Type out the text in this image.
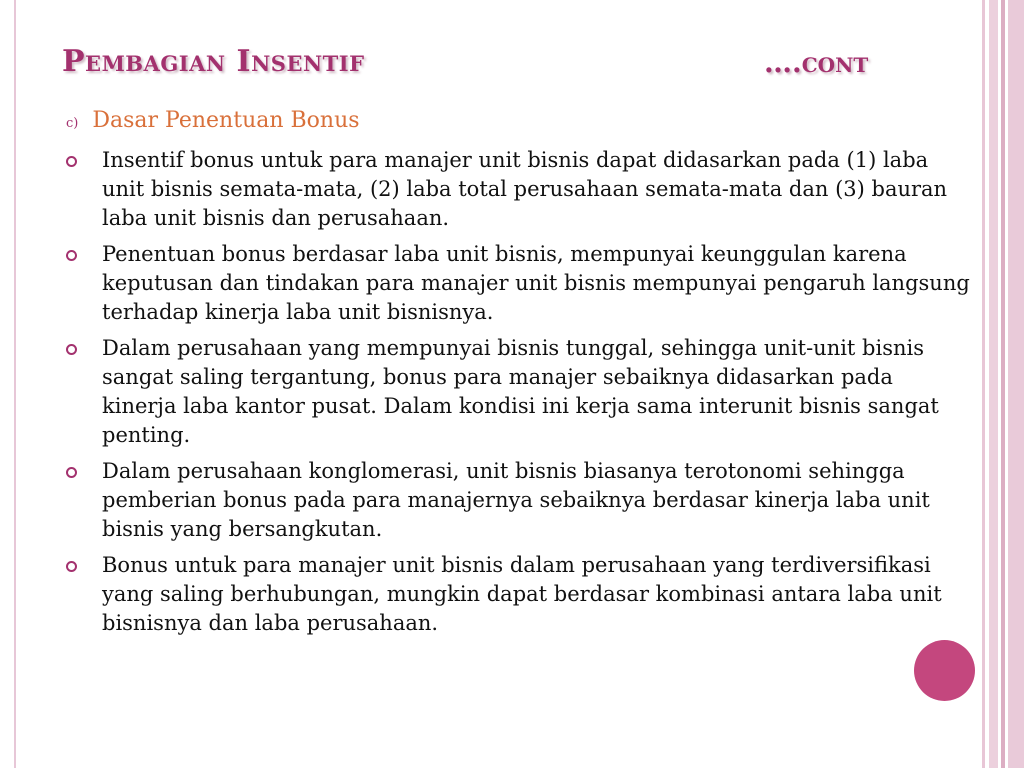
Pembagian Insentif	….cont
c) Dasar Penentuan Bonus
Insentif bonus untuk para manajer unit bisnis dapat didasarkan pada (1) laba unit bisnis semata-mata, (2) laba total perusahaan semata-mata dan (3) bauran laba unit bisnis dan perusahaan.
Penentuan bonus berdasar laba unit bisnis, mempunyai keunggulan karena keputusan dan tindakan para manajer unit bisnis mempunyai pengaruh langsung terhadap kinerja laba unit bisnisnya.
Dalam perusahaan yang mempunyai bisnis tunggal, sehingga unit-unit bisnis sangat saling tergantung, bonus para manajer sebaiknya didasarkan pada kinerja laba kantor pusat. Dalam kondisi ini kerja sama interunit bisnis sangat penting.
Dalam perusahaan konglomerasi, unit bisnis biasanya terotonomi sehingga pemberian bonus pada para manajernya sebaiknya berdasar kinerja laba unit bisnis yang bersangkutan.
Bonus untuk para manajer unit bisnis dalam perusahaan yang terdiversifikasi yang saling berhubungan, mungkin dapat berdasar kombinasi antara laba unit bisnisnya dan laba perusahaan.
